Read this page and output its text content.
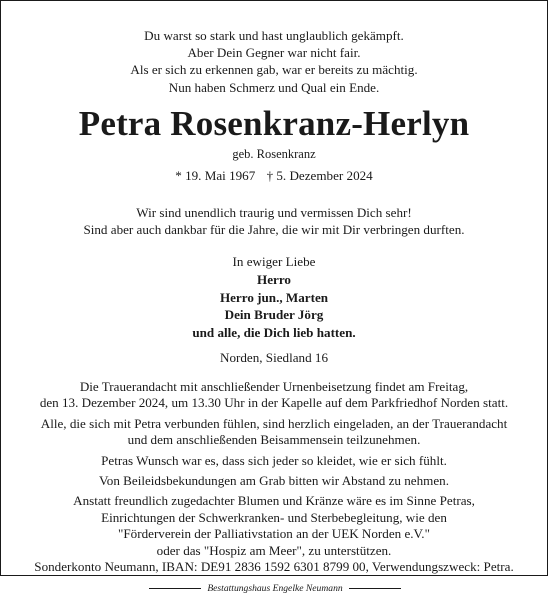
Du warst so stark und hast unglaublich gekämpft.
Aber Dein Gegner war nicht fair.
Als er sich zu erkennen gab, war er bereits zu mächtig.
Nun haben Schmerz und Qual ein Ende.
Petra Rosenkranz-Herlyn
geb. Rosenkranz
* 19. Mai 1967 † 5. Dezember 2024
Wir sind unendlich traurig und vermissen Dich sehr!
Sind aber auch dankbar für die Jahre, die wir mit Dir verbringen durften.
In ewiger Liebe
Herro
Herro jun., Marten
Dein Bruder Jörg
und alle, die Dich lieb hatten.
Norden, Siedland 16
Die Trauerandacht mit anschließender Urnenbeisetzung findet am Freitag,
den 13. Dezember 2024, um 13.30 Uhr in der Kapelle auf dem Parkfriedhof Norden statt.
Alle, die sich mit Petra verbunden fühlen, sind herzlich eingeladen, an der Trauerandacht
und dem anschließenden Beisammensein teilzunehmen.
Petras Wunsch war es, dass sich jeder so kleidet, wie er sich fühlt.
Von Beileidsbekundungen am Grab bitten wir Abstand zu nehmen.
Anstatt freundlich zugedachter Blumen und Kränze wäre es im Sinne Petras,
Einrichtungen der Schwerkranken- und Sterbebegleitung, wie den
"Förderverein der Palliativstation an der UEK Norden e.V."
oder das "Hospiz am Meer", zu unterstützen.
Sonderkonto Neumann, IBAN: DE91 2836 1592 6301 8799 00, Verwendungszweck: Petra.
Bestattungshaus Engelke Neumann
